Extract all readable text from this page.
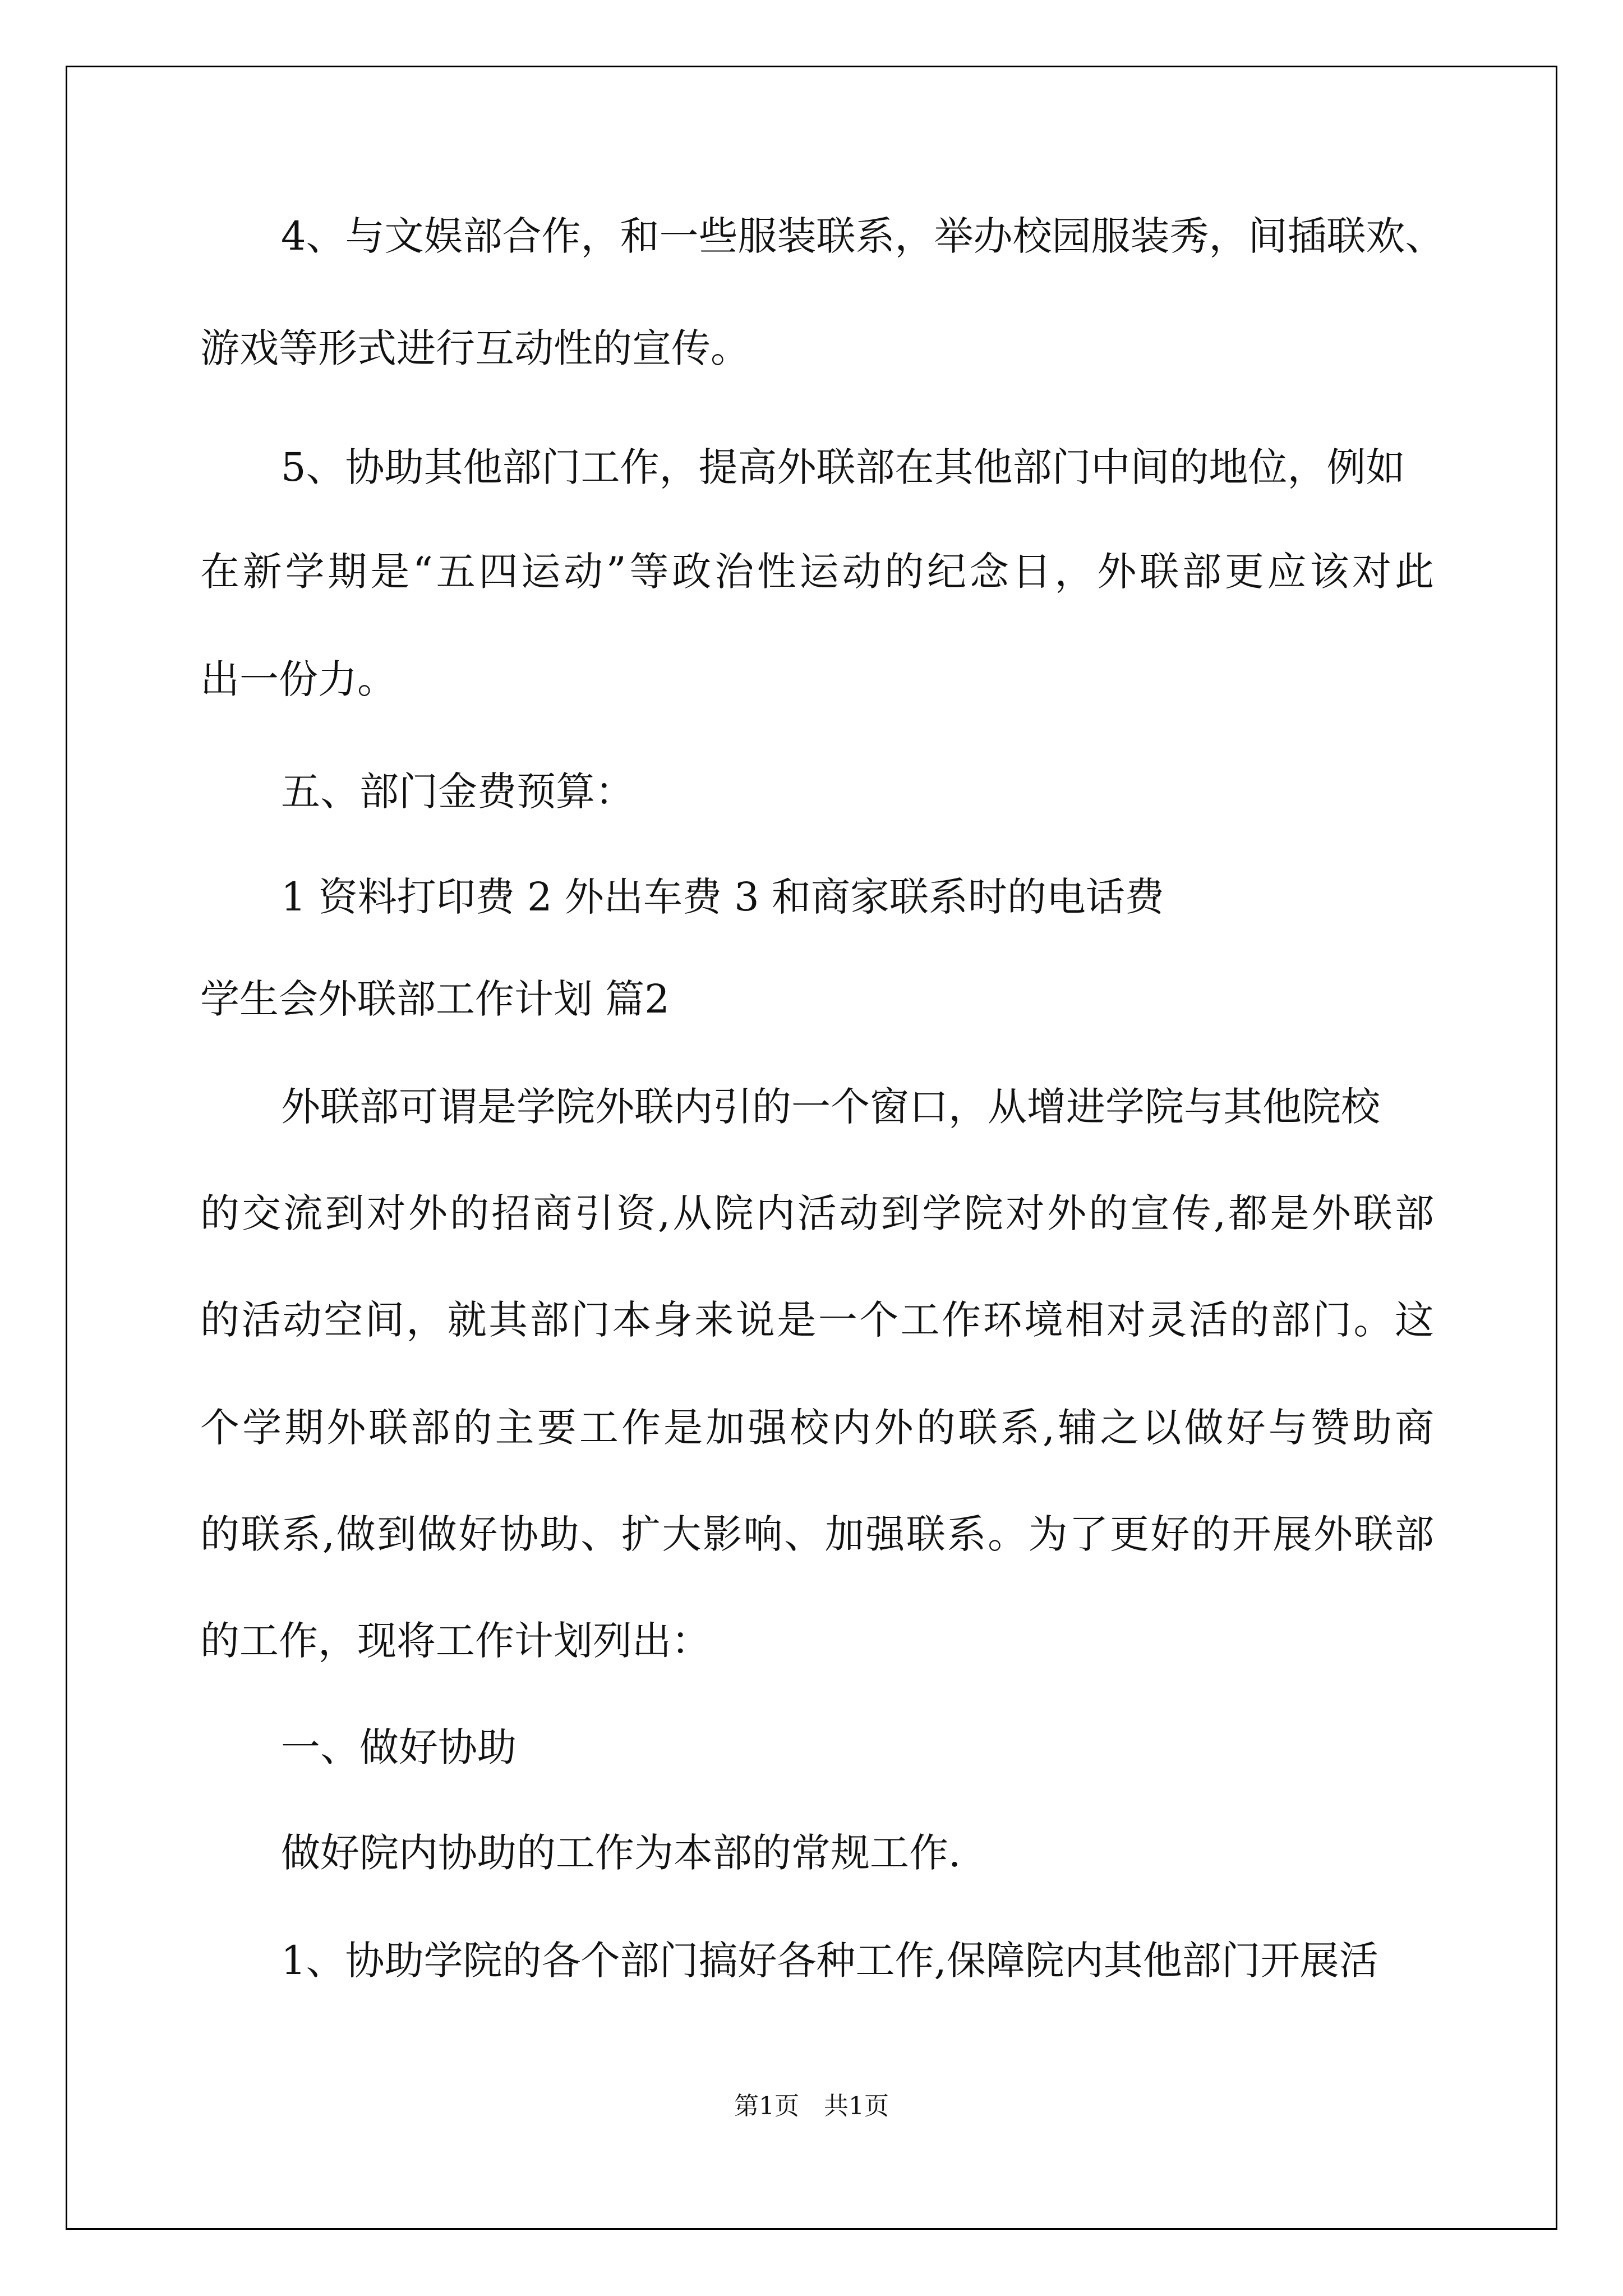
4、与文娱部合作，和一些服装联系，举办校园服装秀，间插联欢、
游戏等形式进行互动性的宣传。
5、协助其他部门工作，提高外联部在其他部门中间的地位，例如
在新学期是“五四运动”等政治性运动的纪念日，外联部更应该对此
出一份力。
五、部门金费预算：
1 资料打印费 2 外出车费 3 和商家联系时的电话费
学生会外联部工作计划 篇2
外联部可谓是学院外联内引的一个窗口，从增进学院与其他院校
的交流到对外的招商引资,从院内活动到学院对外的宣传,都是外联部
的活动空间，就其部门本身来说是一个工作环境相对灵活的部门。这
个学期外联部的主要工作是加强校内外的联系,辅之以做好与赞助商
的联系,做到做好协助、扩大影响、加强联系。为了更好的开展外联部
的工作，现将工作计划列出：
一、做好协助
做好院内协助的工作为本部的常规工作.
1、协助学院的各个部门搞好各种工作,保障院内其他部门开展活
第1页　共1页
